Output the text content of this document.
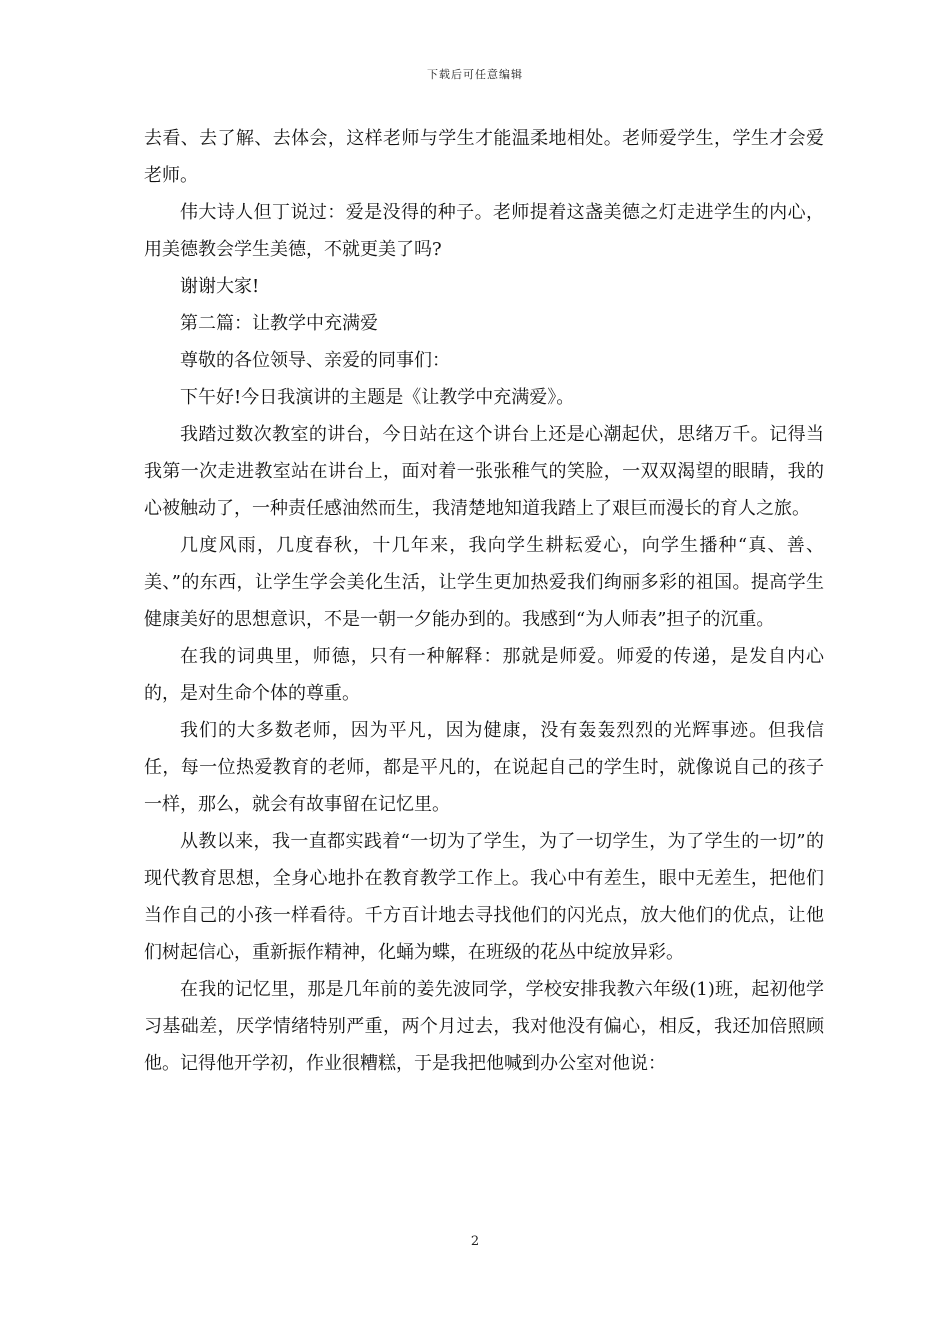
下载后可任意编辑

去看、去了解、去体会，这样老师与学生才能温柔地相处。老师爱学生，学生才会爱老师。

伟大诗人但丁说过：爱是没得的种子。老师提着这盏美德之灯走进学生的内心，用美德教会学生美德，不就更美了吗?

谢谢大家!

第二篇：让教学中充满爱

尊敬的各位领导、亲爱的同事们：

下午好!今日我演讲的主题是《让教学中充满爱》。

我踏过数次教室的讲台，今日站在这个讲台上还是心潮起伏，思绪万千。记得当我第一次走进教室站在讲台上，面对着一张张稚气的笑脸，一双双渴望的眼睛，我的心被触动了，一种责任感油然而生，我清楚地知道我踏上了艰巨而漫长的育人之旅。

几度风雨，几度春秋，十几年来，我向学生耕耘爱心，向学生播种“真、善、美、”的东西，让学生学会美化生活，让学生更加热爱我们绚丽多彩的祖国。提高学生健康美好的思想意识，不是一朝一夕能办到的。我感到“为人师表”担子的沉重。

在我的词典里，师德，只有一种解释：那就是师爱。师爱的传递，是发自内心的，是对生命个体的尊重。

我们的大多数老师，因为平凡，因为健康，没有轰轰烈烈的光辉事迹。但我信任，每一位热爱教育的老师，都是平凡的，在说起自己的学生时，就像说自己的孩子一样，那么，就会有故事留在记忆里。

从教以来，我一直都实践着“一切为了学生，为了一切学生，为了学生的一切”的现代教育思想，全身心地扑在教育教学工作上。我心中有差生，眼中无差生，把他们当作自己的小孩一样看待。千方百计地去寻找他们的闪光点，放大他们的优点，让他们树起信心，重新振作精神，化蛹为蝶，在班级的花丛中绽放异彩。

在我的记忆里，那是几年前的姜先波同学，学校安排我教六年级(1)班，起初他学习基础差，厌学情绪特别严重，两个月过去，我对他没有偏心，相反，我还加倍照顾他。记得他开学初，作业很糟糕，于是我把他喊到办公室对他说：

2
